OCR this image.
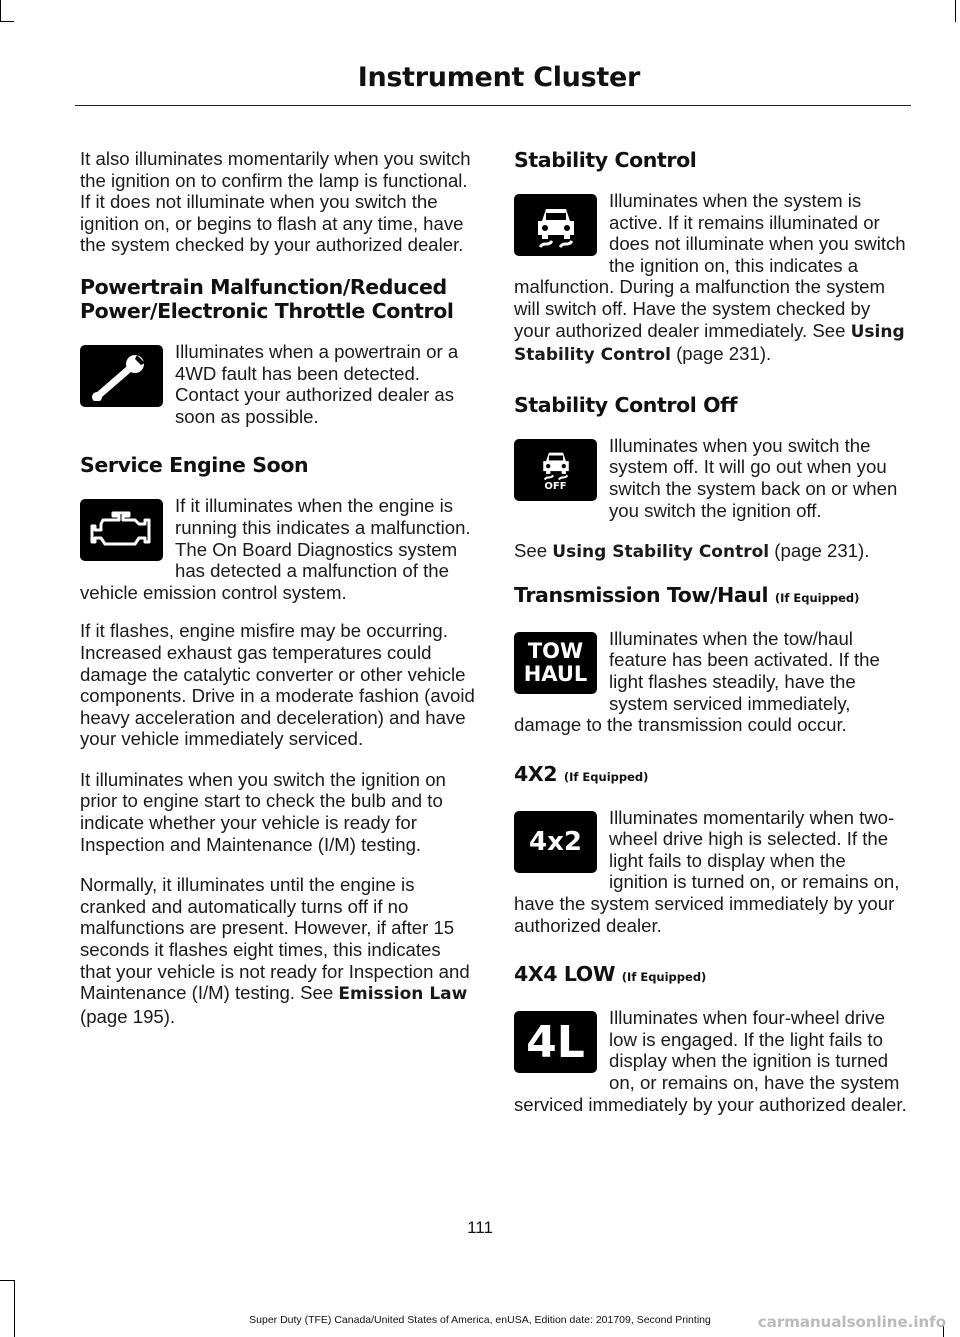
Instrument Cluster

It also illuminates momentarily when you switch the ignition on to confirm the lamp is functional. If it does not illuminate when you switch the ignition on, or begins to flash at any time, have the system checked by your authorized dealer.

Powertrain Malfunction/Reduced Power/Electronic Throttle Control

Illuminates when a powertrain or a 4WD fault has been detected. Contact your authorized dealer as soon as possible.

Service Engine Soon

If it illuminates when the engine is running this indicates a malfunction. The On Board Diagnostics system has detected a malfunction of the vehicle emission control system.

If it flashes, engine misfire may be occurring. Increased exhaust gas temperatures could damage the catalytic converter or other vehicle components. Drive in a moderate fashion (avoid heavy acceleration and deceleration) and have your vehicle immediately serviced.

It illuminates when you switch the ignition on prior to engine start to check the bulb and to indicate whether your vehicle is ready for Inspection and Maintenance (I/M) testing.

Normally, it illuminates until the engine is cranked and automatically turns off if no malfunctions are present. However, if after 15 seconds it flashes eight times, this indicates that your vehicle is not ready for Inspection and Maintenance (I/M) testing. See Emission Law (page 195).

Stability Control

Illuminates when the system is active. If it remains illuminated or does not illuminate when you switch the ignition on, this indicates a malfunction. During a malfunction the system will switch off. Have the system checked by your authorized dealer immediately. See Using Stability Control (page 231).

Stability Control Off
OFF

Illuminates when you switch the system off. It will go out when you switch the system back on or when you switch the ignition off.

See Using Stability Control (page 231).

Transmission Tow/Haul (If Equipped)
TOW
HAUL

Illuminates when the tow/haul feature has been activated. If the light flashes steadily, have the system serviced immediately, damage to the transmission could occur.

4X2 (If Equipped)
4x2

Illuminates momentarily when two-wheel drive high is selected. If the light fails to display when the ignition is turned on, or remains on, have the system serviced immediately by your authorized dealer.

4X4 LOW (If Equipped)
4L	Illuminates when four-wheel drive low is engaged. If the light fails to display when the ignition is turned on, or remains on, have the system serviced immediately by your authorized dealer.

111
Super Duty (TFE) Canada/United States of America, enUSA, Edition date: 201709, Second Printing	carmanualsonline.info
